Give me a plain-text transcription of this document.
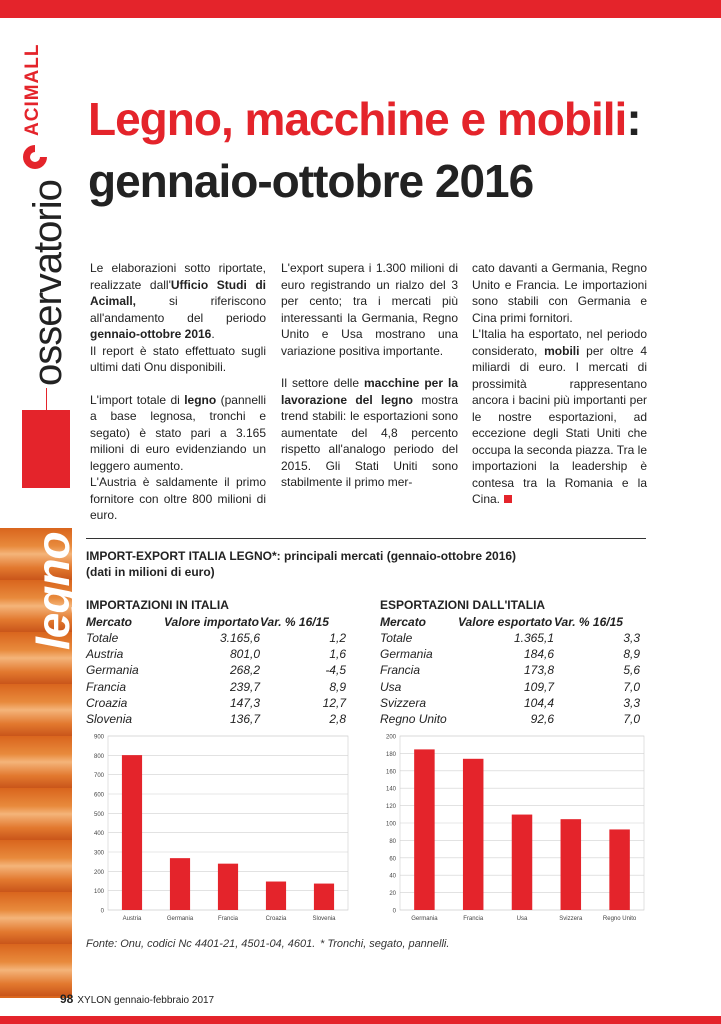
ACIMALL
osservatorio
legno
Legno, macchine e mobili:
gennaio-ottobre 2016

Le elaborazioni sotto riportate, realizzate dall'Ufficio Studi di Acimall, si riferiscono all'andamento del periodo gennaio-ottobre 2016.
Il report è stato effettuato sugli ultimi dati Onu disponibili.

L'import totale di legno (pannelli a base legnosa, tronchi e segato) è stato pari a 3.165 milioni di euro evidenziando un leggero aumento.
L'Austria è saldamente il primo fornitore con oltre 800 milioni di euro.

L'export supera i 1.300 milioni di euro registrando un rialzo del 3 per cento; tra i mercati più interessanti la Germania, Regno Unito e Usa mostrano una variazione positiva importante.

Il settore delle macchine per la lavorazione del legno mostra trend stabili: le esportazioni sono aumentate del 4,8 percento rispetto all'analogo periodo del 2015. Gli Stati Uniti sono stabilmente il primo mer-

cato davanti a Germania, Regno Unito e Francia. Le importazioni sono stabili con Germania e Cina primi fornitori.
L'Italia ha esportato, nel periodo considerato, mobili per oltre 4 miliardi di euro. I mercati di prossimità rappresentano ancora i bacini più importanti per le nostre esportazioni, ad eccezione degli Stati Uniti che occupa la seconda piazza. Tra le importazioni la leadership è contesa tra la Romania e la Cina.

IMPORT-EXPORT ITALIA LEGNO*: principali mercati (gennaio-ottobre 2016)
(dati in milioni di euro)
IMPORTAZIONI IN ITALIA
Mercato	Valore importato	Var. % 16/15
Totale	3.165,6	1,2
Austria	801,0	1,6
Germania	268,2	-4,5
Francia	239,7	8,9
Croazia	147,3	12,7
Slovenia	136,7	2,8
ESPORTAZIONI DALL'ITALIA
Mercato	Valore esportato	Var. % 16/15
Totale	1.365,1	3,3
Germania	184,6	8,9
Francia	173,8	5,6
Usa	109,7	7,0
Svizzera	104,4	3,3
Regno Unito	92,6	7,0
0
100
200
300
400
500
600
700
800
900
Austria	Germania	Francia	Croazia	Slovenia
0
20
40
60
80
100
120
140
160
180
200
Germania	Francia	Usa	Svizzera	Regno Unito
Fonte: Onu, codici Nc 4401-21, 4501-04, 4601. * Tronchi, segato, pannelli.
98 XYLON gennaio-febbraio 2017
